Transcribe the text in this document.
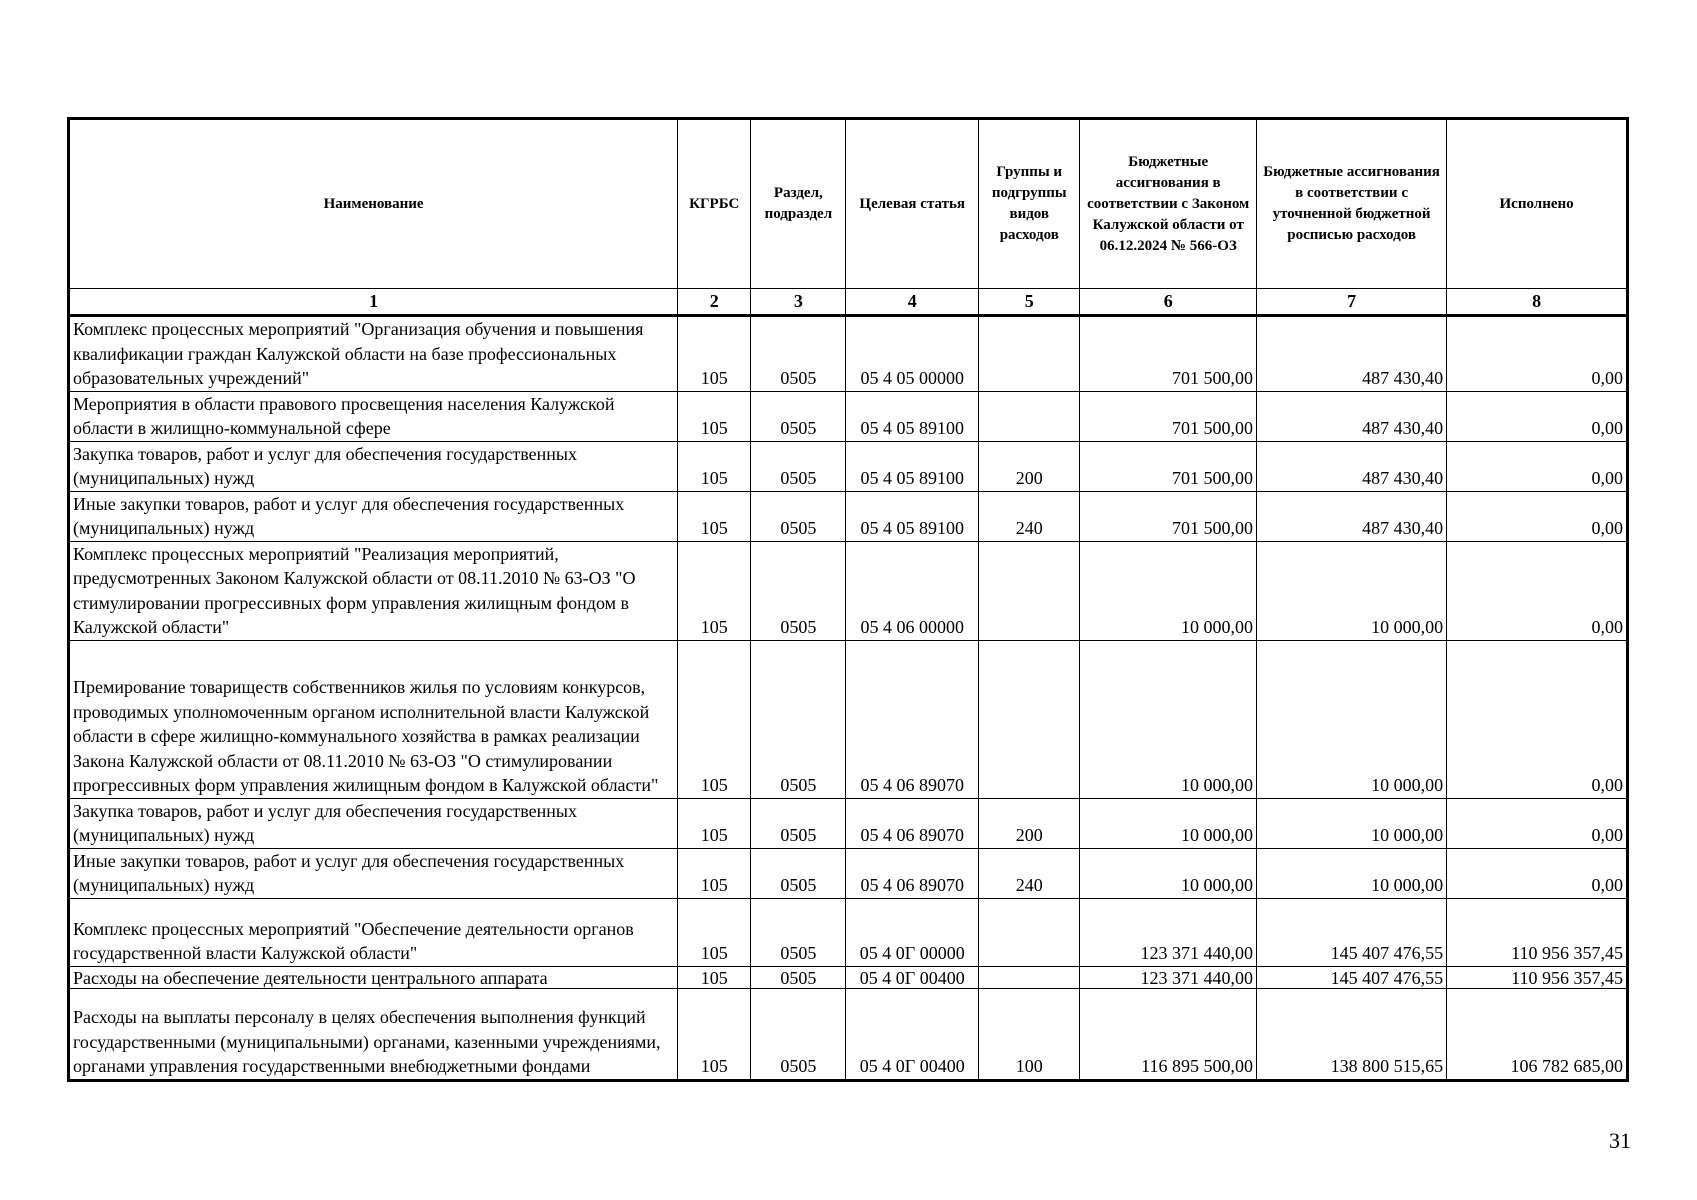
Наименование	КГРБС	Раздел, подраздел	Целевая статья	Группы и подгруппы видов расходов	Бюджетные ассигнования в соответствии с Законом Калужской области от 06.12.2024 № 566-ОЗ	Бюджетные ассигнования в соответствии с уточненной бюджетной росписью расходов	Исполнено
1	2	3	4	5	6	7	8
Комплекс процессных мероприятий "Организация обучения и повышения квалификации граждан Калужской области на базе профессиональных образовательных учреждений"	105	0505	05 4 05 00000		701 500,00	487 430,40	0,00
Мероприятия в области правового просвещения населения Калужской области в жилищно-коммунальной сфере	105	0505	05 4 05 89100		701 500,00	487 430,40	0,00
Закупка товаров, работ и услуг для обеспечения государственных (муниципальных) нужд	105	0505	05 4 05 89100	200	701 500,00	487 430,40	0,00
Иные закупки товаров, работ и услуг для обеспечения государственных (муниципальных) нужд	105	0505	05 4 05 89100	240	701 500,00	487 430,40	0,00
Комплекс процессных мероприятий "Реализация мероприятий, предусмотренных Законом Калужской области от 08.11.2010 № 63-ОЗ "О стимулировании прогрессивных форм управления жилищным фондом в Калужской области"	105	0505	05 4 06 00000		10 000,00	10 000,00	0,00
Премирование товариществ собственников жилья по условиям конкурсов, проводимых уполномоченным органом исполнительной власти Калужской области в сфере жилищно-коммунального хозяйства в рамках реализации Закона Калужской области от 08.11.2010 № 63-ОЗ "О стимулировании прогрессивных форм управления жилищным фондом в Калужской области"	105	0505	05 4 06 89070		10 000,00	10 000,00	0,00
Закупка товаров, работ и услуг для обеспечения государственных (муниципальных) нужд	105	0505	05 4 06 89070	200	10 000,00	10 000,00	0,00
Иные закупки товаров, работ и услуг для обеспечения государственных (муниципальных) нужд	105	0505	05 4 06 89070	240	10 000,00	10 000,00	0,00
Комплекс процессных мероприятий "Обеспечение деятельности органов государственной власти Калужской области"	105	0505	05 4 0Г 00000		123 371 440,00	145 407 476,55	110 956 357,45
Расходы на обеспечение деятельности центрального аппарата	105	0505	05 4 0Г 00400		123 371 440,00	145 407 476,55	110 956 357,45
Расходы на выплаты персоналу в целях обеспечения выполнения функций государственными (муниципальными) органами, казенными учреждениями, органами управления государственными внебюджетными фондами	105	0505	05 4 0Г 00400	100	116 895 500,00	138 800 515,65	106 782 685,00
31
